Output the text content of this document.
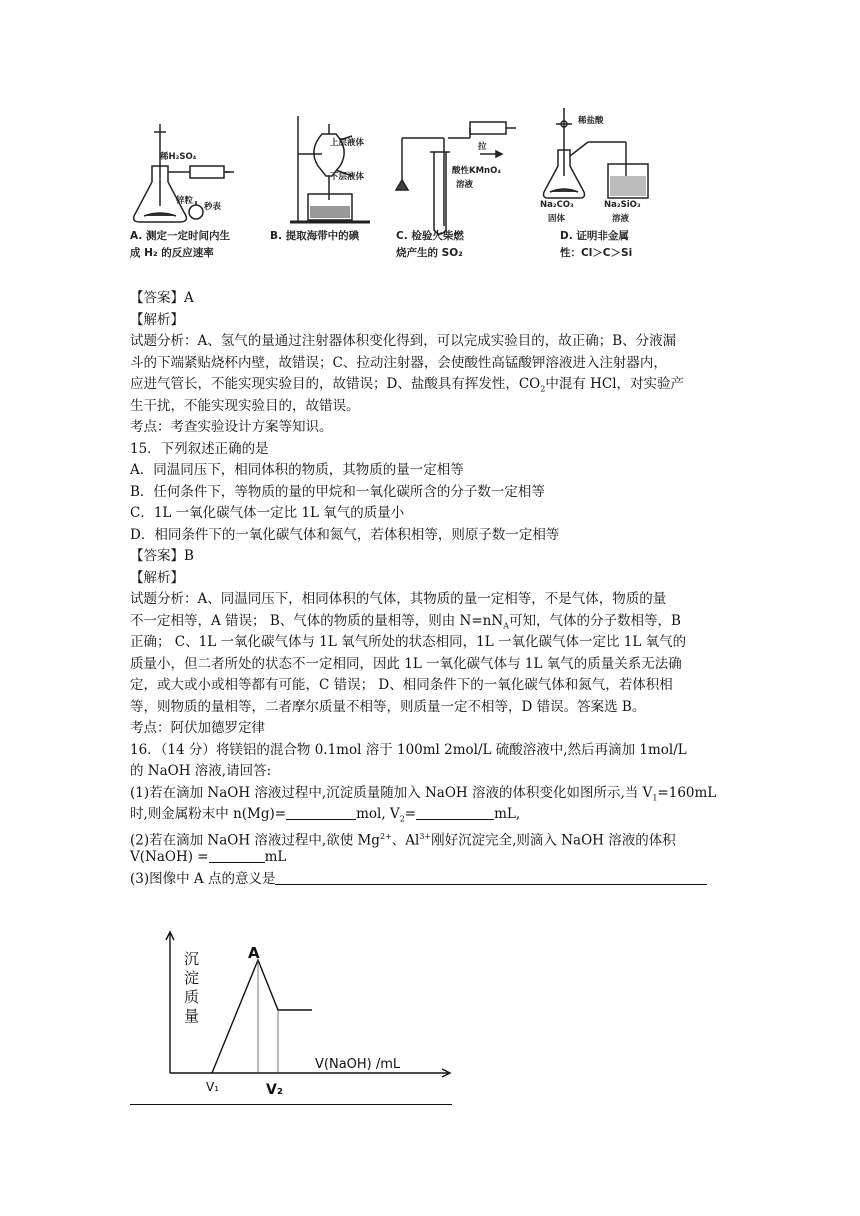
稀H₂SO₄
锌粒
秒表
A. 测定一定时间内生
成 H₂ 的反应速率
上层液体
下层液体
B. 提取海带中的碘
拉
酸性KMnO₄
溶液
C. 检验火柴燃
烧产生的 SO₂
稀盐酸
Na₂CO₃
固体
Na₂SiO₃
溶液
D. 证明非金属
性：Cl＞C＞Si
【答案】A
【解析】
试题分析：A、氢气的量通过注射器体积变化得到，可以完成实验目的，故正确；B、分液漏
斗的下端紧贴烧杯内壁，故错误；C、拉动注射器，会使酸性高锰酸钾溶液进入注射器内，
应进气管长，不能实现实验目的，故错误；D、盐酸具有挥发性，$CO_2$中混有 HCl，对实验产
生干扰，不能实现实验目的，故错误。
考点：考查实验设计方案等知识。
15．下列叙述正确的是
A．同温同压下，相同体积的物质，其物质的量一定相等
B．任何条件下，等物质的量的甲烷和一氧化碳所含的分子数一定相等
C．1L 一氧化碳气体一定比 1L 氧气的质量小
D．相同条件下的一氧化碳气体和氮气，若体积相等，则原子数一定相等
【答案】B
【解析】
试题分析：A、同温同压下，相同体积的气体，其物质的量一定相等，不是气体，物质的量
不一定相等，A 错误； B、气体的物质的量相等，则由 $N=nN_A$可知，气体的分子数相等，B
正确； C、1L 一氧化碳气体与 1L 氧气所处的状态相同，1L 一氧化碳气体一定比 1L 氧气的
质量小，但二者所处的状态不一定相同，因此 1L 一氧化碳气体与 1L 氧气的质量关系无法确
定，或大或小或相等都有可能，C 错误； D、相同条件下的一氧化碳气体和氮气，若体积相
等，则物质的量相等，二者摩尔质量不相等，则质量一定不相等，D 错误。答案选 B。
考点：阿伏加德罗定律
16．（14 分）将镁铝的混合物 0.1mol 溶于 100ml 2mol/L 硫酸溶液中,然后再滴加 1mol/L
的 NaOH 溶液,请回答:
(1)若在滴加 NaOH 溶液过程中,沉淀质量随加入 NaOH 溶液的体积变化如图所示,当 $V_1=160mL$
时,则金属粉末中 n(Mg)=	mol, $V_2=$	mL,
(2)若在滴加 NaOH 溶液过程中,欲使 $Mg^{2+}$、$Al^{3+}$刚好沉淀完全,则滴入 NaOH 溶液的体积
V(NaOH) =	mL
(3)图像中 A 点的意义是
A
V(NaOH) /mL
V₁	V₂
沉
淀
质
量
